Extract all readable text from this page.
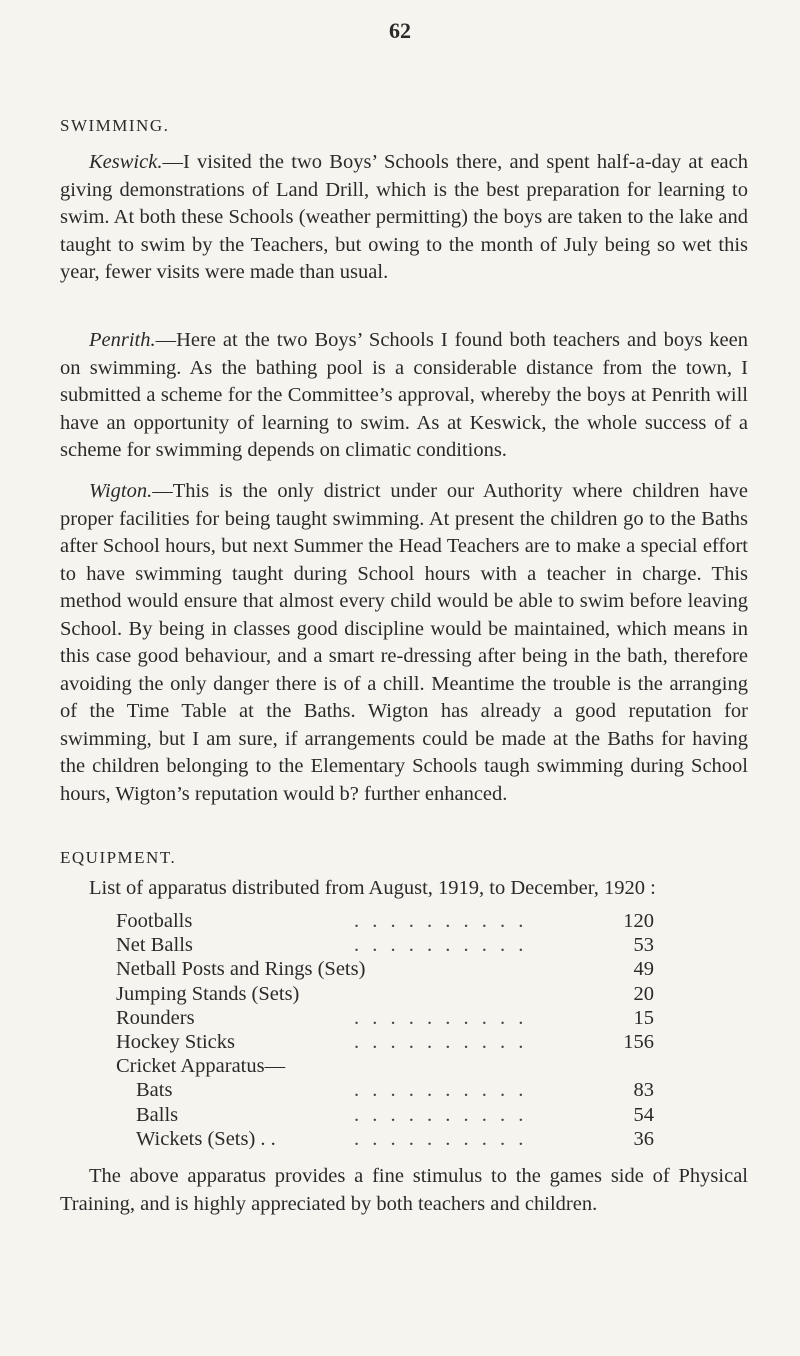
62
SWIMMING.

Keswick.—I visited the two Boys’ Schools there, and spent half-a-day at each giving demonstrations of Land Drill, which is the best preparation for learning to swim. At both these Schools (weather permitting) the boys are taken to the lake and taught to swim by the Teachers, but owing to the month of July being so wet this year, fewer visits were made than usual.

Penrith.—Here at the two Boys’ Schools I found both teachers and boys keen on swimming. As the bathing pool is a considerable distance from the town, I submitted a scheme for the Committee’s approval, whereby the boys at Penrith will have an opportunity of learning to swim. As at Keswick, the whole success of a scheme for swimming depends on climatic conditions.

Wigton.—This is the only district under our Authority where children have proper facilities for being taught swimming. At present the children go to the Baths after School hours, but next Summer the Head Teachers are to make a special effort to have swimming taught during School hours with a teacher in charge. This method would ensure that almost every child would be able to swim before leaving School. By being in classes good discipline would be maintained, which means in this case good behaviour, and a smart re-dressing after being in the bath, therefore avoiding the only danger there is of a chill. Meantime the trouble is the arranging of the Time Table at the Baths. Wigton has already a good reputation for swimming, but I am sure, if arrangements could be made at the Baths for having the children belonging to the Elementary Schools taugh swimming during School hours, Wigton’s reputation would b? further enhanced.

EQUIPMENT.

List of apparatus distributed from August, 1919, to December, 1920 :

Footballs	. . . . . . . . . .	120
Net Balls	. . . . . . . . . .	53
Netball Posts and Rings (Sets)	49
Jumping Stands (Sets)	20
Rounders	. . . . . . . . . .	15
Hockey Sticks	. . . . . . . . . .	156
Cricket Apparatus—
Bats	. . . . . . . . . .	83
Balls	. . . . . . . . . .	54
Wickets (Sets) . .	. . . . . . . . . .	36

The above apparatus provides a fine stimulus to the games side of Physical Training, and is highly appreciated by both teachers and children.
